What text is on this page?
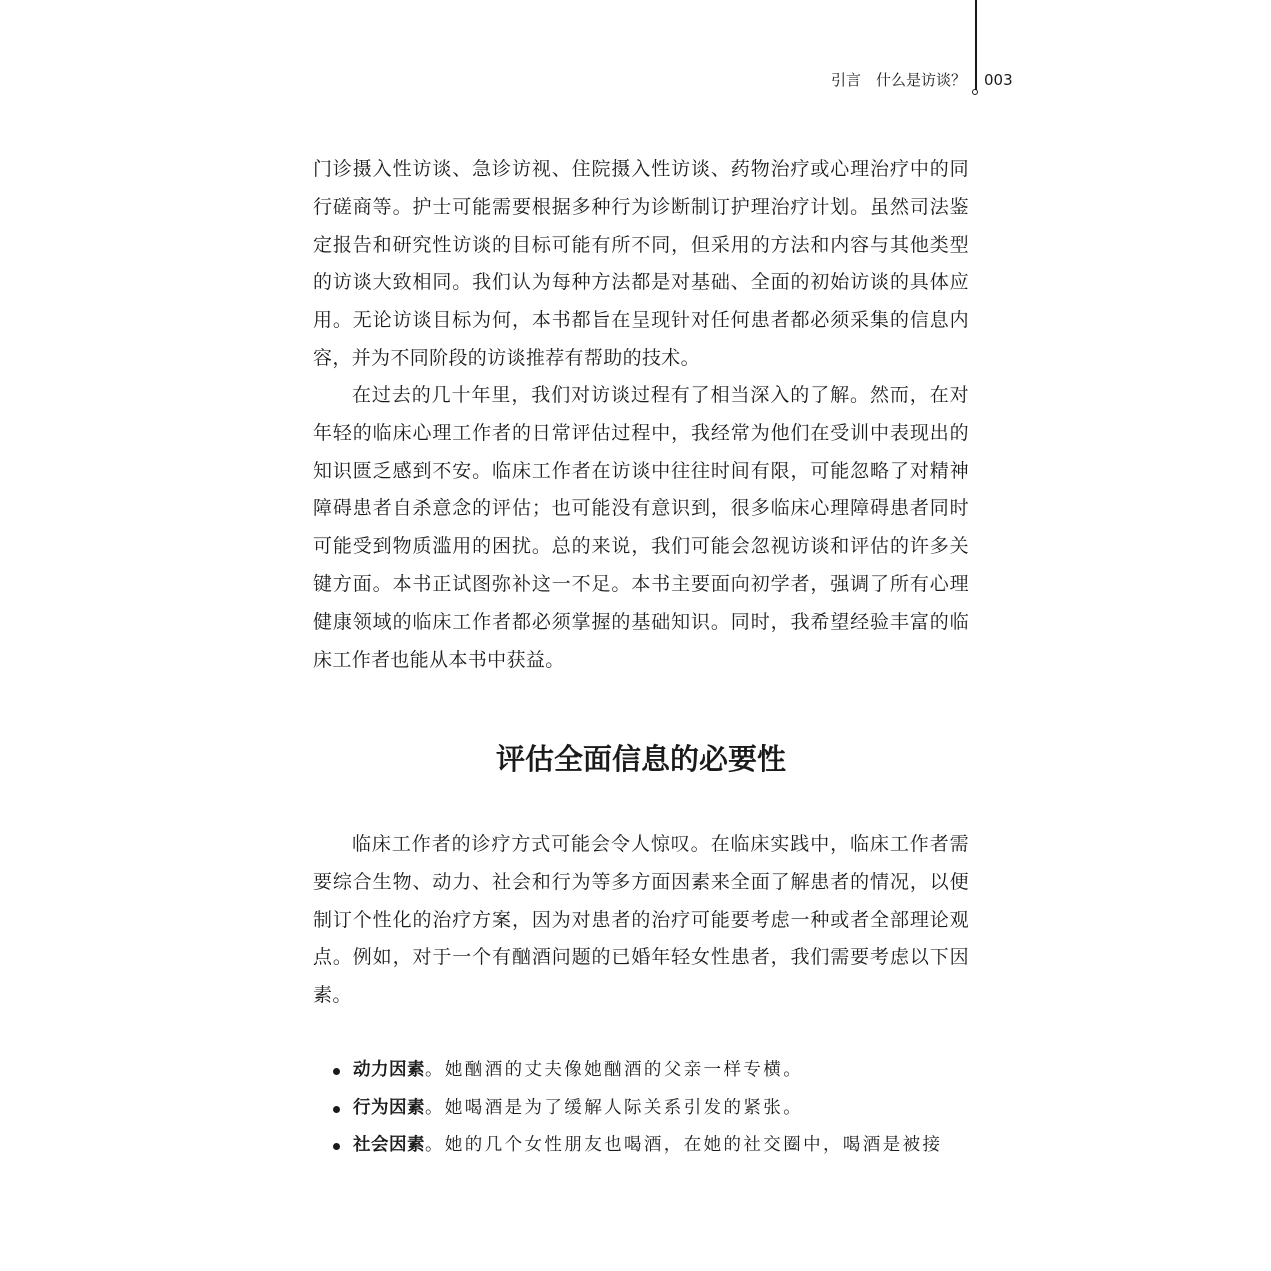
引言　什么是访谈？ 003

门诊摄入性访谈、急诊访视、住院摄入性访谈、药物治疗或心理治疗中的同行磋商等。护士可能需要根据多种行为诊断制订护理治疗计划。虽然司法鉴定报告和研究性访谈的目标可能有所不同，但采用的方法和内容与其他类型的访谈大致相同。我们认为每种方法都是对基础、全面的初始访谈的具体应用。无论访谈目标为何，本书都旨在呈现针对任何患者都必须采集的信息内容，并为不同阶段的访谈推荐有帮助的技术。

在过去的几十年里，我们对访谈过程有了相当深入的了解。然而，在对年轻的临床心理工作者的日常评估过程中，我经常为他们在受训中表现出的知识匮乏感到不安。临床工作者在访谈中往往时间有限，可能忽略了对精神障碍患者自杀意念的评估；也可能没有意识到，很多临床心理障碍患者同时可能受到物质滥用的困扰。总的来说，我们可能会忽视访谈和评估的许多关键方面。本书正试图弥补这一不足。本书主要面向初学者，强调了所有心理健康领域的临床工作者都必须掌握的基础知识。同时，我希望经验丰富的临床工作者也能从本书中获益。

评估全面信息的必要性

临床工作者的诊疗方式可能会令人惊叹。在临床实践中，临床工作者需要综合生物、动力、社会和行为等多方面因素来全面了解患者的情况，以便制订个性化的治疗方案，因为对患者的治疗可能要考虑一种或者全部理论观点。例如，对于一个有酗酒问题的已婚年轻女性患者，我们需要考虑以下因素。

动力因素。她酗酒的丈夫像她酗酒的父亲一样专横。
行为因素。她喝酒是为了缓解人际关系引发的紧张。
社会因素。她的几个女性朋友也喝酒，在她的社交圈中，喝酒是被接
